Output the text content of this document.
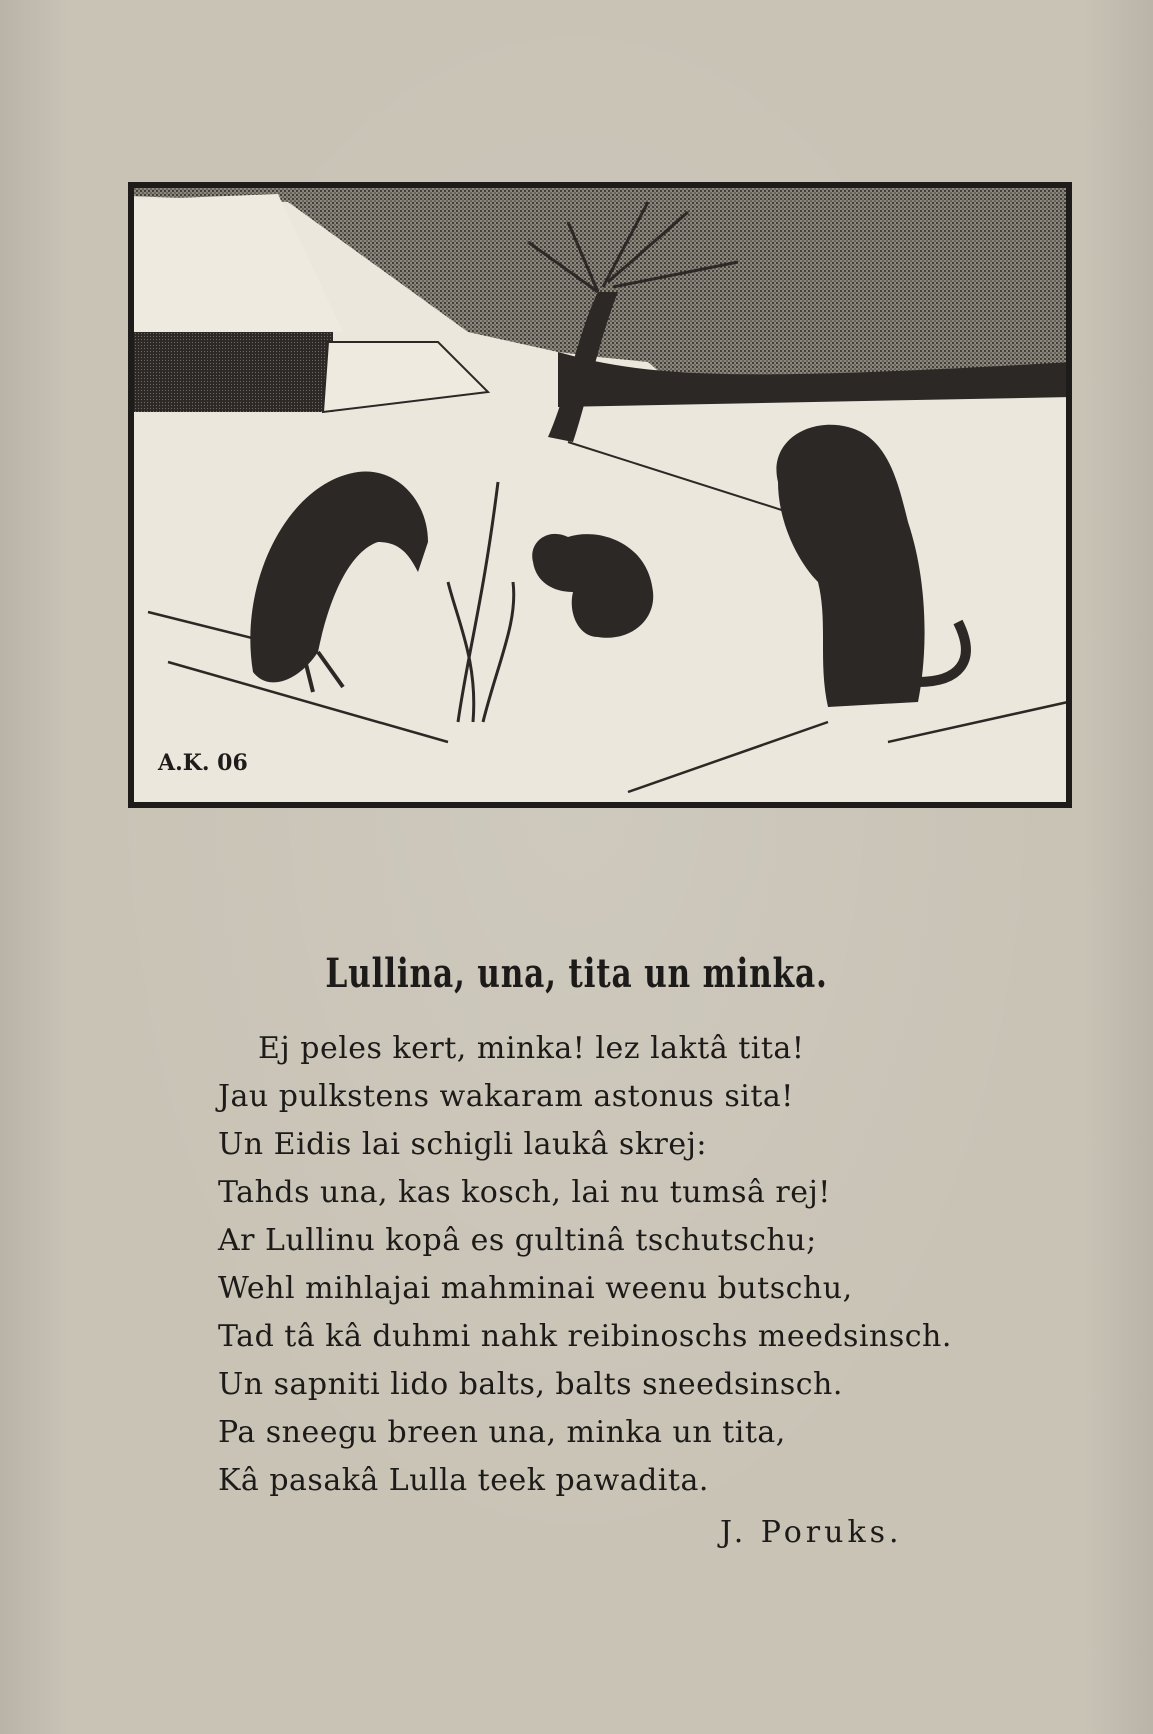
A.K. 06
Lullina, una, tita un minka.
Ej peles kert, minka! lez laktâ tita!
Jau pulkstens wakaram astonus sita!
Un Eidis lai schigli laukâ skrej:
Tahds una, kas kosch, lai nu tumsâ rej!
Ar Lullinu kopâ es gultinâ tschutschu;
Wehl mihlajai mahminai weenu butschu,
Tad tâ kâ duhmi nahk reibinoschs meedsinsch.
Un sapniti lido balts, balts sneedsinsch.
Pa sneegu breen una, minka un tita,
Kâ pasakâ Lulla teek pawadita.
J. Poruks.
